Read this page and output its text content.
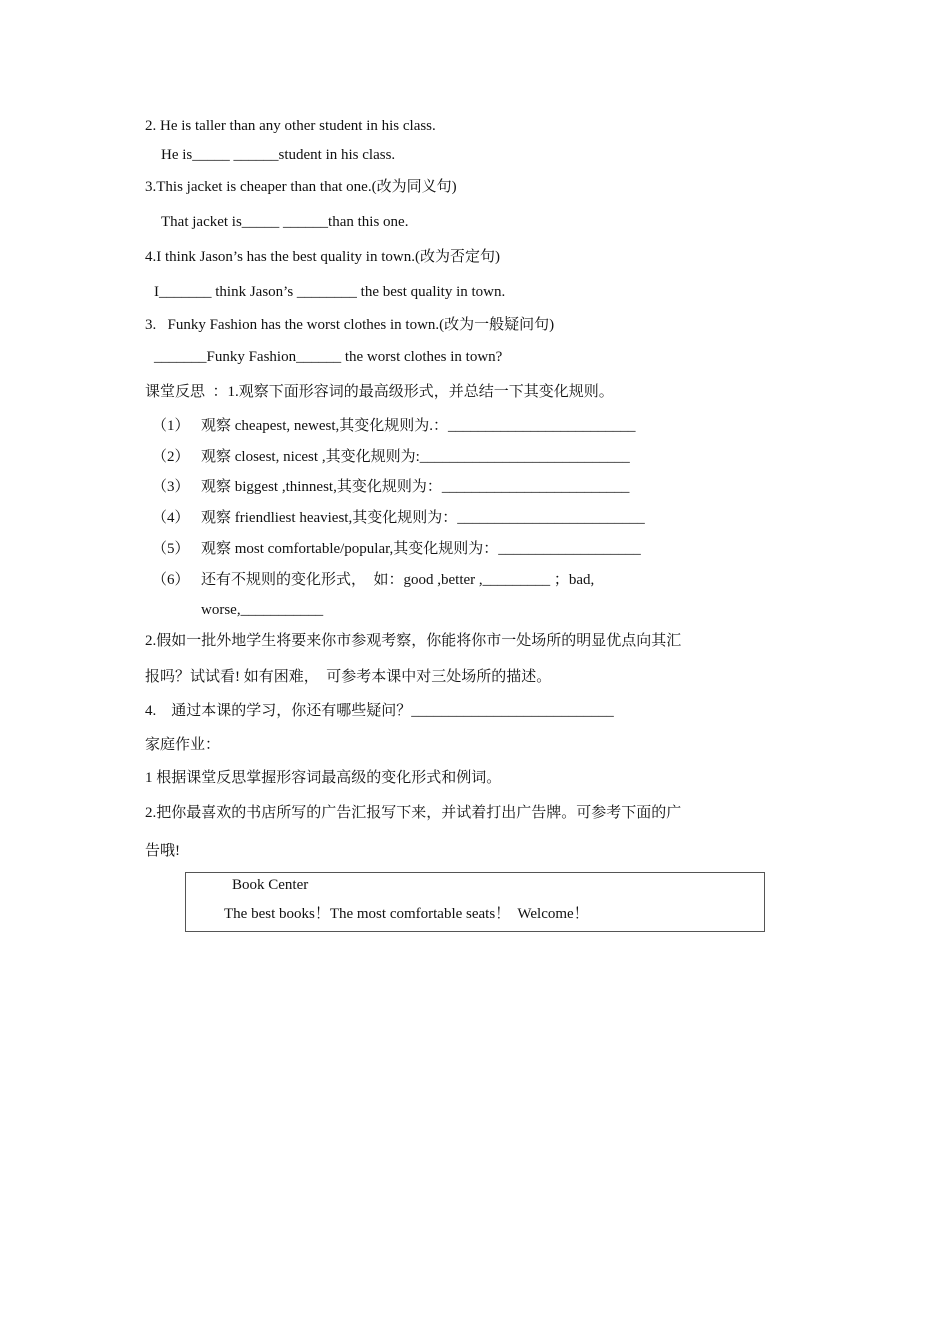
2. He is taller than any other student in his class.
He is_____ ______student in his class.
3.This jacket is cheaper than that one.(改为同义句)
That jacket is_____ ______than this one.
4.I think Jason’s has the best quality in town.(改为否定句)
I_______ think Jason’s ________ the best quality in town.
3.   Funky Fashion has the worst clothes in town.(改为一般疑问句)
_______Funky Fashion______ the worst clothes in town?
课堂反思  ：1.观察下面形容词的最高级形式，并总结一下其变化规则。
（1） 观察 cheapest, newest,其变化规则为.：_________________________
（2） 观察 closest, nicest ,其变化规则为:____________________________
（3） 观察 biggest ,thinnest,其变化规则为：_________________________
（4） 观察 friendliest heaviest,其变化规则为：_________________________
（5） 观察 most comfortable/popular,其变化规则为：___________________
（6） 还有不规则的变化形式，  如：good ,better ,_________ ；bad,
worse,___________
2.假如一批外地学生将要来你市参观考察，你能将你市一处场所的明显优点向其汇
报吗？试试看! 如有困难，  可参考本课中对三处场所的描述。
4.    通过本课的学习，你还有哪些疑问？___________________________
家庭作业：
1 根据课堂反思掌握形容词最高级的变化形式和例词。
2.把你最喜欢的书店所写的广告汇报写下来，并试着打出广告牌。可参考下面的广
告哦!
Book Center
The best books！The most comfortable seats！  Welcome！
